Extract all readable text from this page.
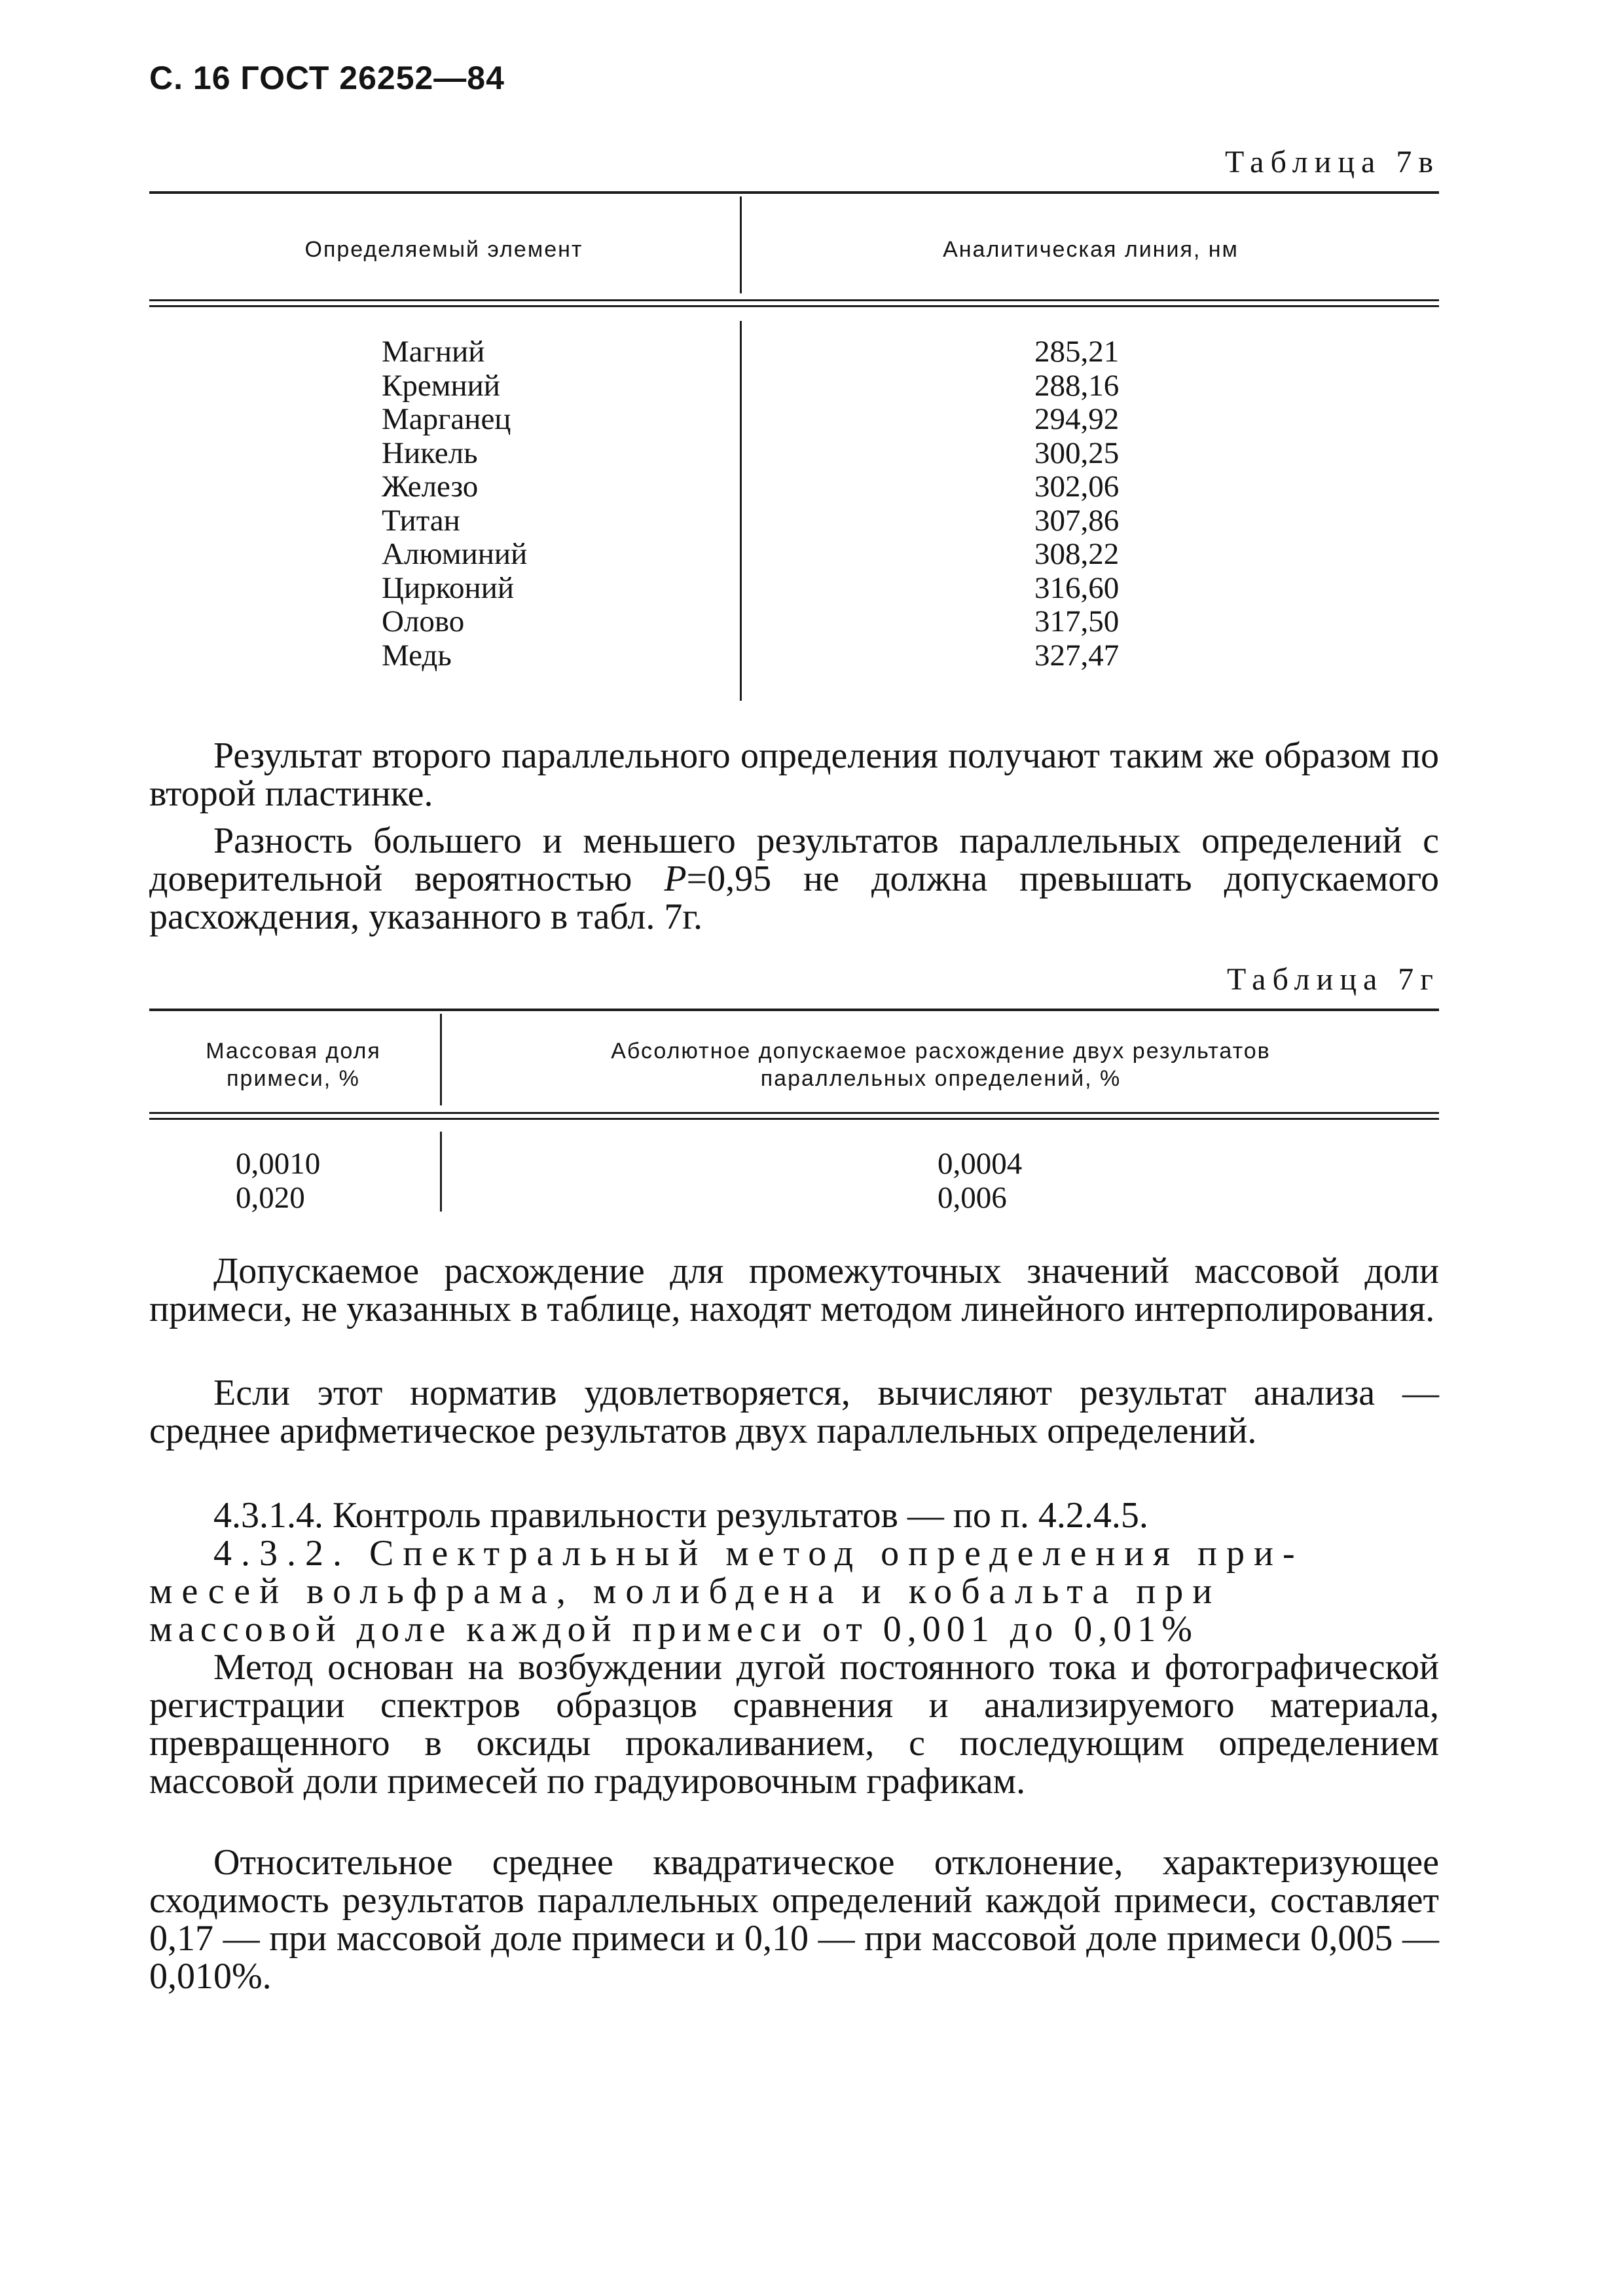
С. 16 ГОСТ 26252—84
Таблица 7в
Определяемый элемент	Аналитическая линия, нм
Магний
Кремний
Марганец
Никель
Железо
Титан
Алюминий
Цирконий
Олово
Медь
285,21
288,16
294,92
300,25
302,06
307,86
308,22
316,60
317,50
327,47
Результат второго параллельного определения получают таким же образом по второй пластинке.
Разность большего и меньшего результатов параллельных определений с доверительной вероятностью P=0,95 не должна превышать допускаемого расхождения, указанного в табл. 7г.
Таблица 7г
Массовая доля
примеси, %
Абсолютное допускаемое расхождение двух результатов
параллельных определений, %
0,0010
0,020
0,0004
0,006
Допускаемое расхождение для промежуточных значений массовой доли примеси, не указанных в таблице, находят методом линейного интерполирования.
Если этот норматив удовлетворяется, вычисляют результат анализа — среднее арифметическое результатов двух параллельных определений.
4.3.1.4. Контроль правильности результатов — по п. 4.2.4.5.
4.3.2. Спектральный метод определения при-
месей вольфрама, молибдена и кобальта при
массовой доле каждой примеси от 0,001 до 0,01%
Метод основан на возбуждении дугой постоянного тока и фотографической регистрации спектров образцов сравнения и анализируемого материала, превращенного в оксиды прокаливанием, с последующим определением массовой доли примесей по градуировочным графикам.
Относительное среднее квадратическое отклонение, характеризующее сходимость результатов параллельных определений каждой примеси, составляет 0,17 — при массовой доле примеси и 0,10 — при массовой доле примеси 0,005 — 0,010%.
